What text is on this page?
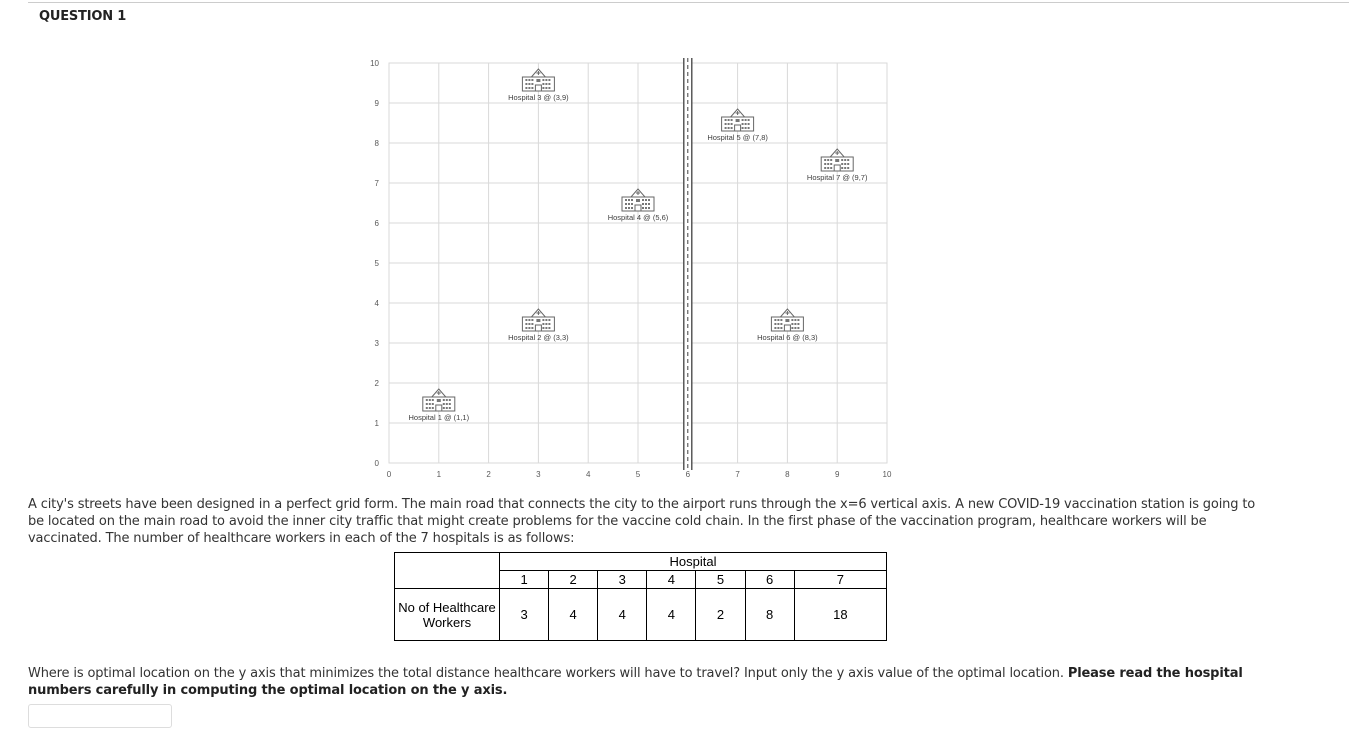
QUESTION 1
0	1	2	3	4	5	6	7	8	9	10
0
1
2
3
4
5
6
7
8
9
10
Hospital 1 @ (1,1)
Hospital 2 @ (3,3)
Hospital 3 @ (3,9)
Hospital 4 @ (5,6)
Hospital 5 @ (7,8)
Hospital 6 @ (8,3)
Hospital 7 @ (9,7)
A city's streets have been designed in a perfect grid form. The main road that connects the city to the airport runs through the x=6 vertical axis. A new COVID-19 vaccination station is going to be located on the main road to avoid the inner city traffic that might create problems for the vaccine cold chain. In the first phase of the vaccination program, healthcare workers will be vaccinated. The number of healthcare workers in each of the 7 hospitals is as follows:
	Hospital						
	1	2	3	4	5	6	7
No of Healthcare Workers	3	4	4	4	2	8	18
Where is optimal location on the y axis that minimizes the total distance healthcare workers will have to travel? Input only the y axis value of the optimal location. Please read the hospital numbers carefully in computing the optimal location on the y axis.
